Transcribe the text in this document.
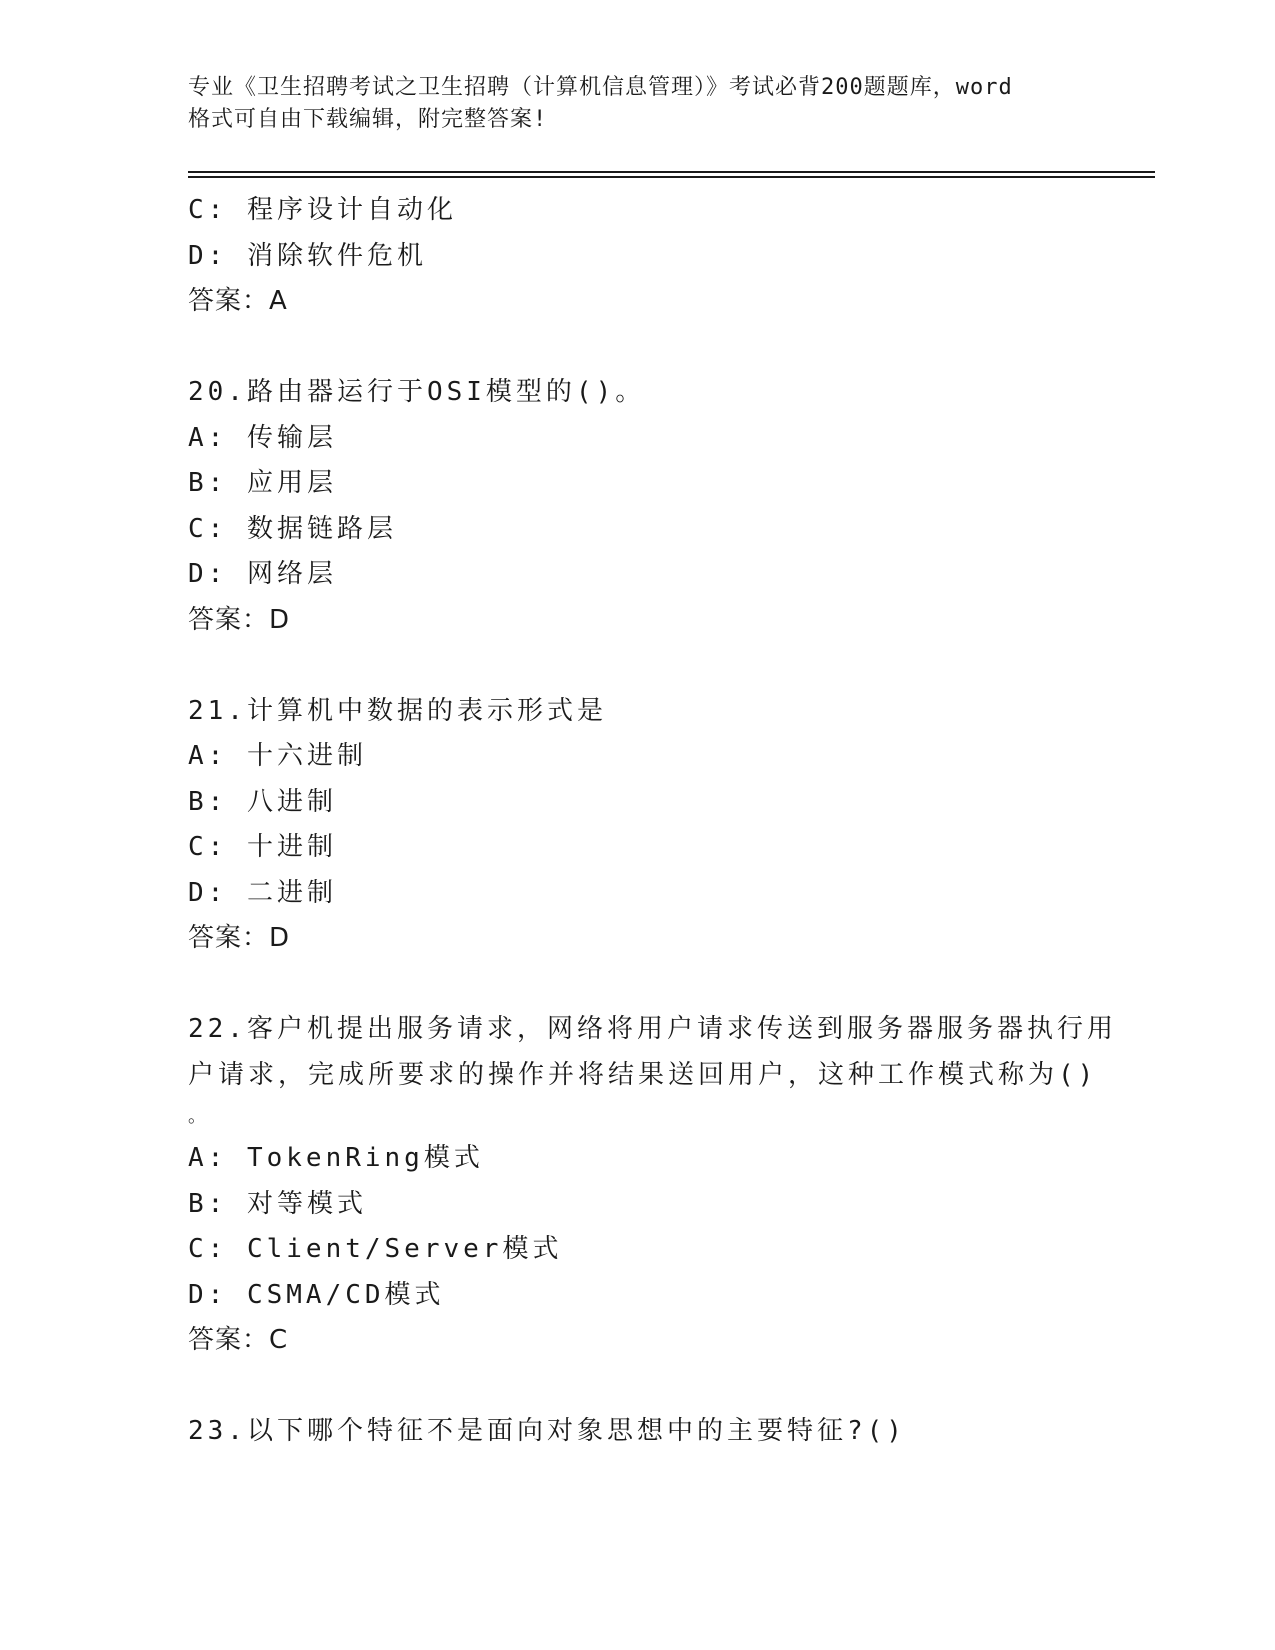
专业《卫生招聘考试之卫生招聘（计算机信息管理）》考试必背200题题库，word
格式可自由下载编辑，附完整答案!
C: 程序设计自动化
D: 消除软件危机
答案：A
20.路由器运行于OSI模型的()。
A: 传输层
B: 应用层
C: 数据链路层
D: 网络层
答案：D
21.计算机中数据的表示形式是
A: 十六进制
B: 八进制
C: 十进制
D: 二进制
答案：D
22.客户机提出服务请求，网络将用户请求传送到服务器服务器执行用
户请求，完成所要求的操作并将结果送回用户，这种工作模式称为()
。
A: TokenRing模式
B: 对等模式
C: Client/Server模式
D: CSMA/CD模式
答案：C
23.以下哪个特征不是面向对象思想中的主要特征?()
